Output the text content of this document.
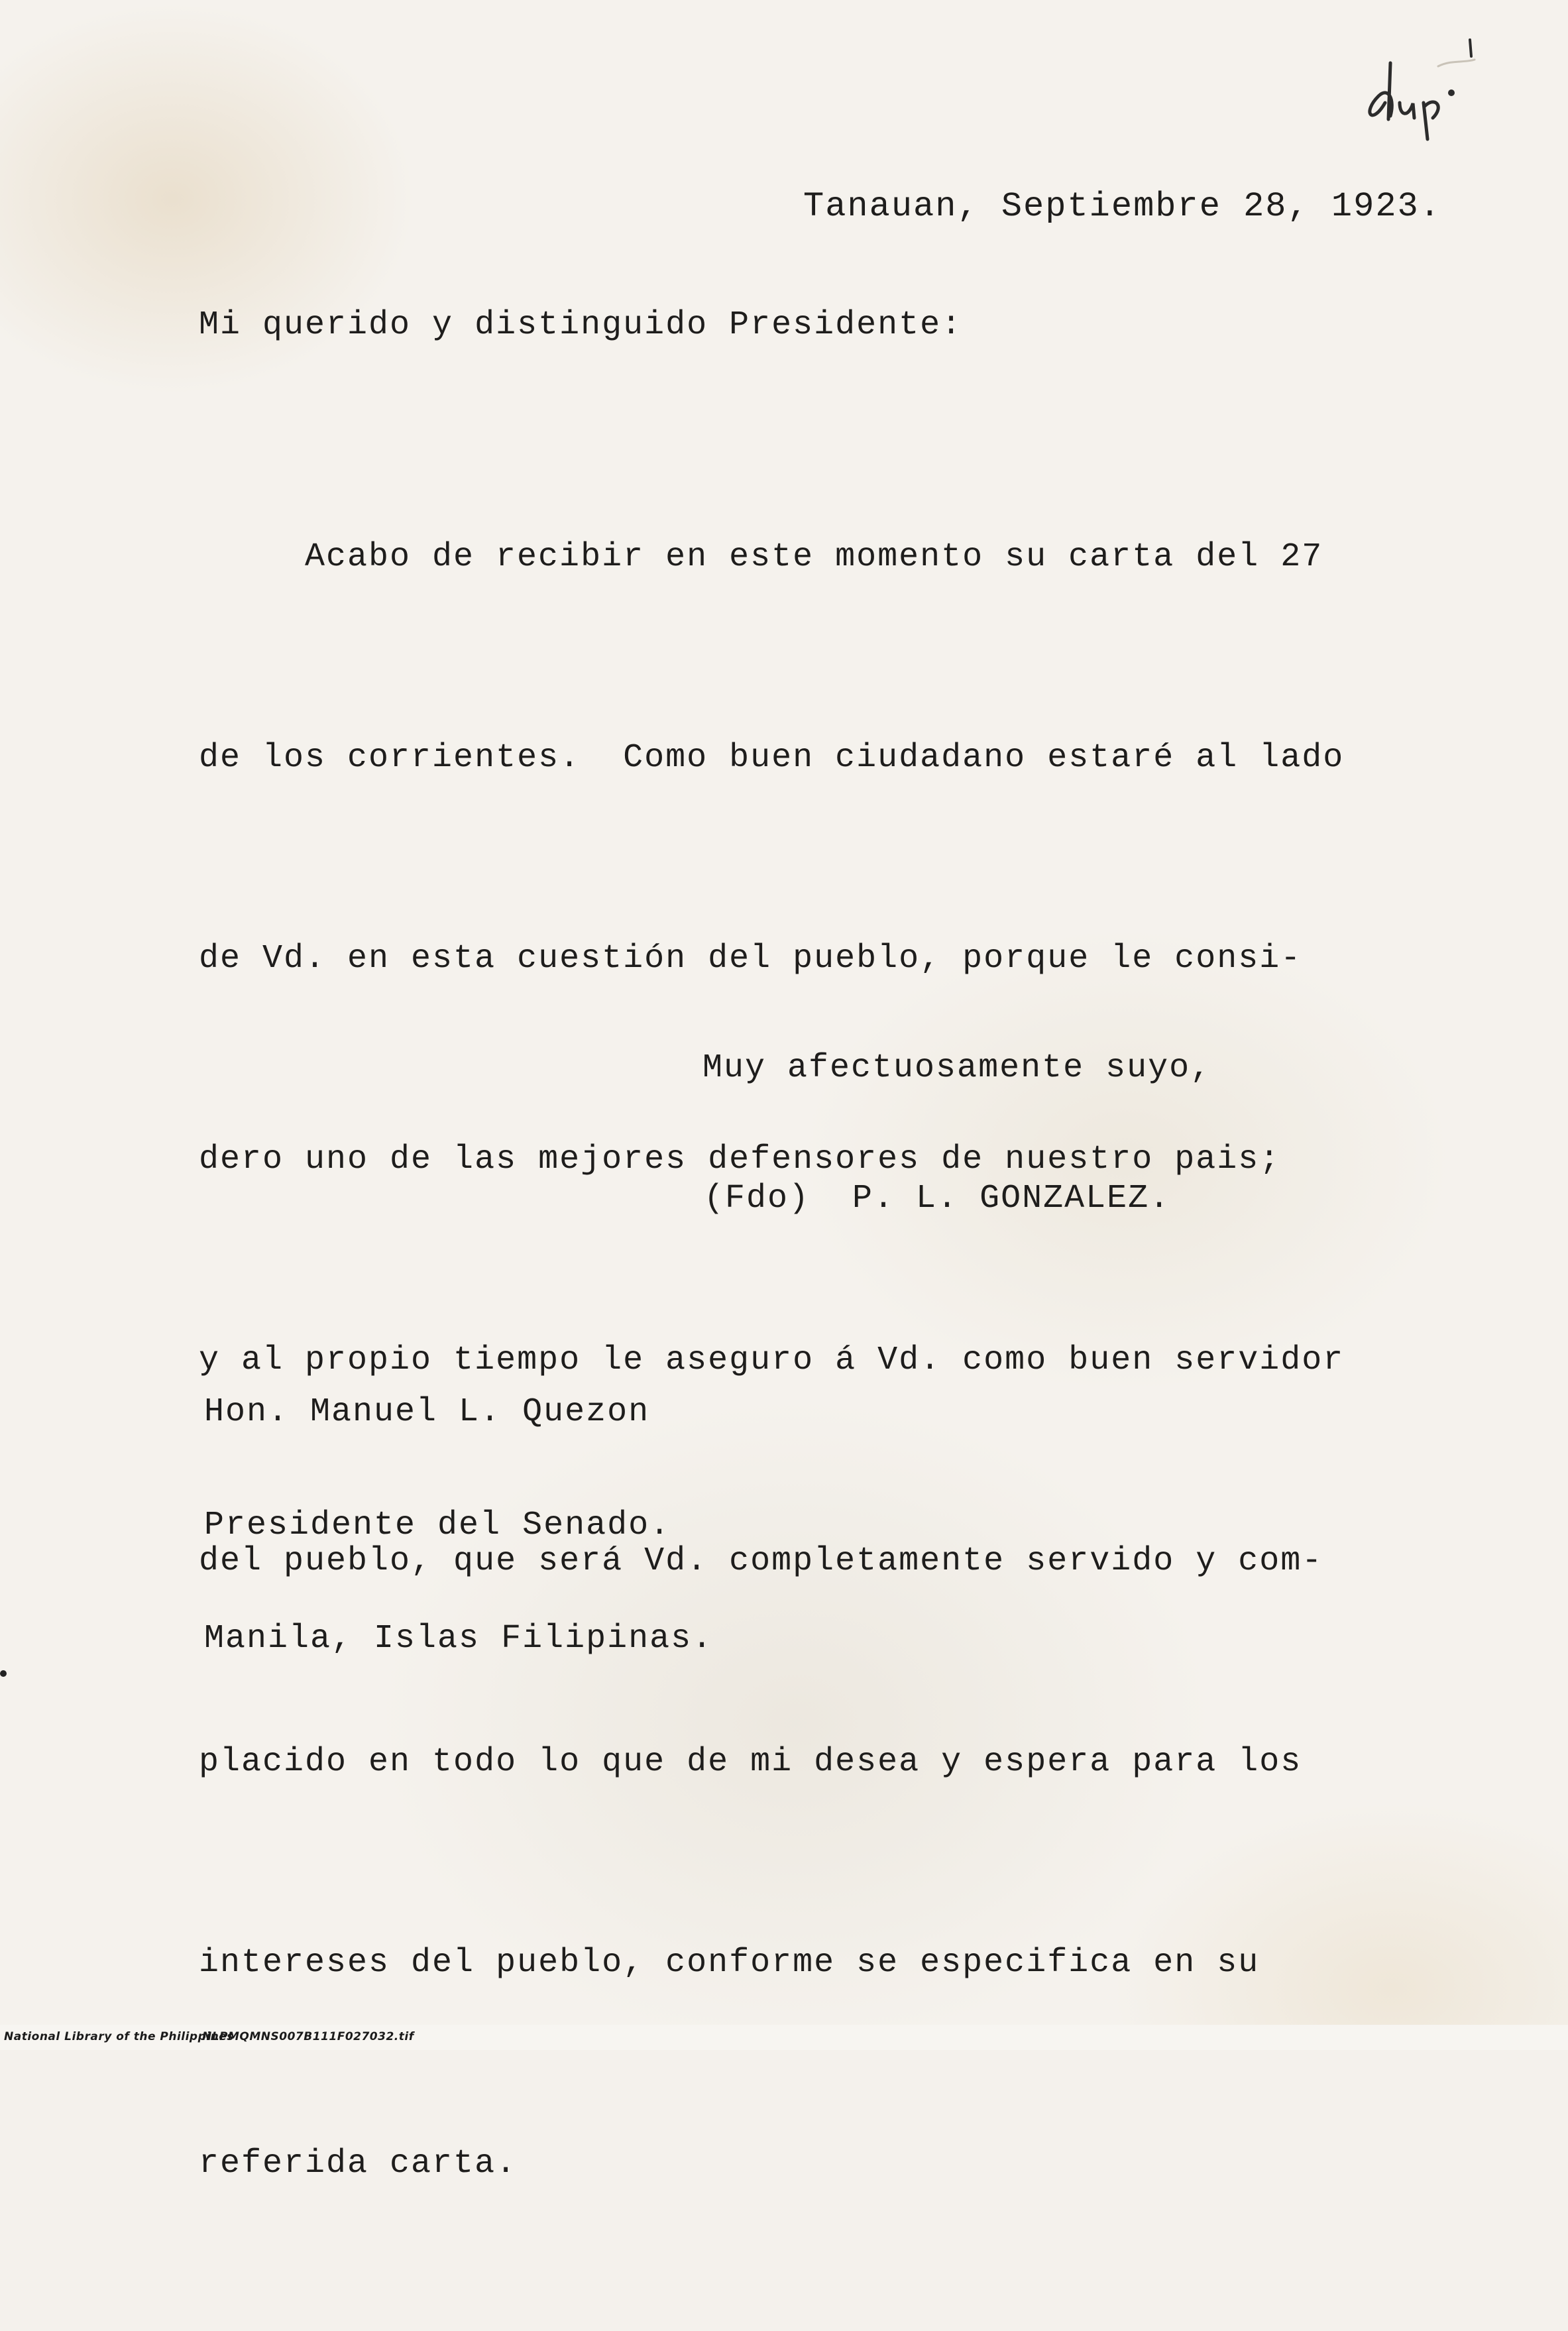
Tanauan, Septiembre 28, 1923.

Mi querido y distinguido Presidente:

Acabo de recibir en este momento su carta del 27

de los corrientes.  Como buen ciudadano estaré al lado

de Vd. en esta cuestión del pueblo, porque le consi-

dero uno de las mejores defensores de nuestro pais;

y al propio tiempo le aseguro á Vd. como buen servidor

del pueblo, que será Vd. completamente servido y com-

placido en todo lo que de mi desea y espera para los

intereses del pueblo, conforme se especifica en su

referida carta.

Muy afectuosamente suyo,

(Fdo)  P. L. GONZALEZ.

Hon. Manuel L. Quezon

Presidente del Senado.

Manila, Islas Filipinas.

National Library of the Philippines
NLPMQMNS007B111F027032.tif
